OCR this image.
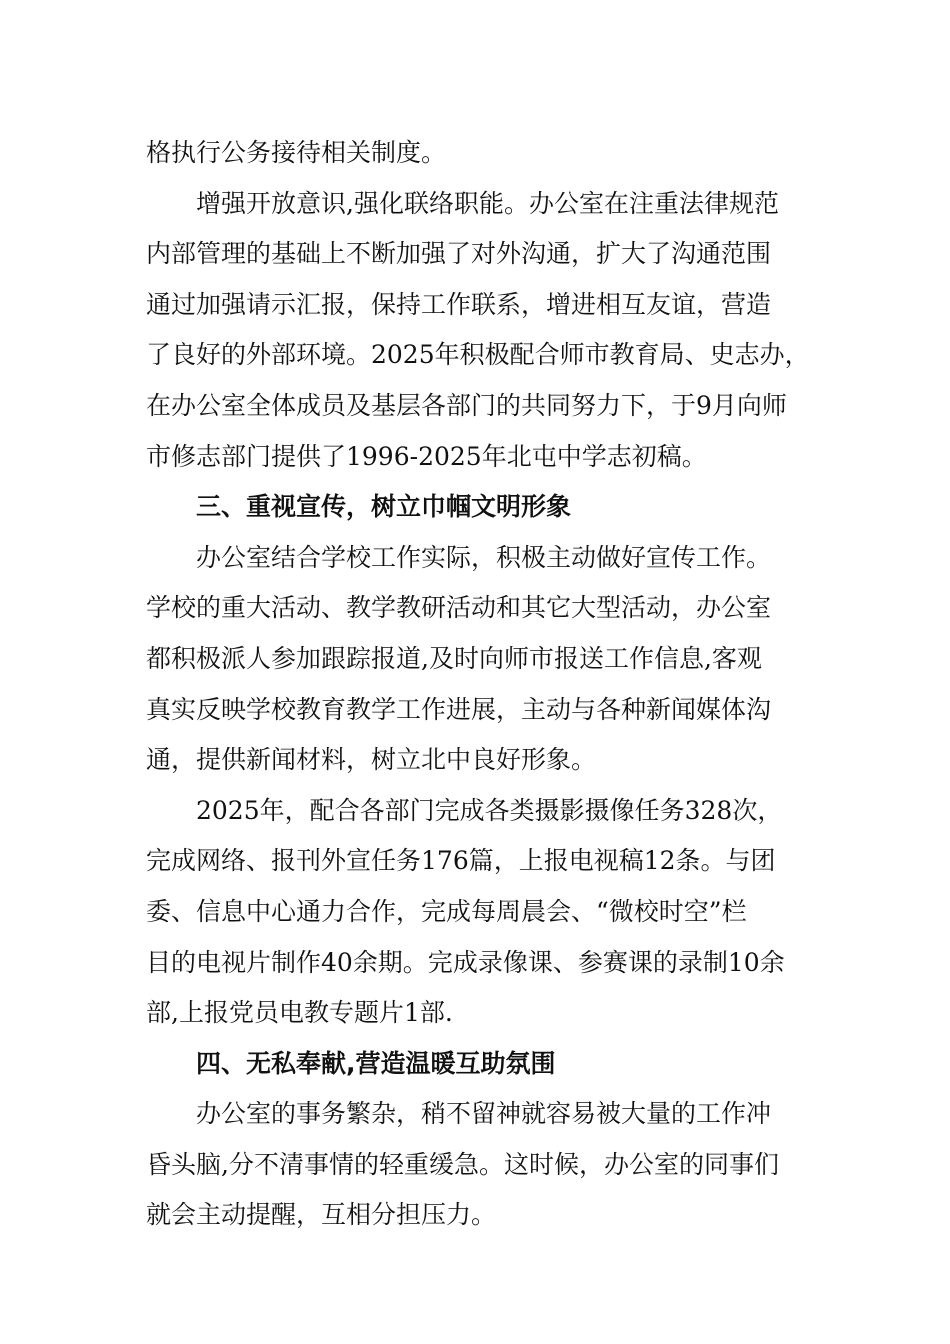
格执行公务接待相关制度。
增强开放意识,强化联络职能。办公室在注重法律规范
内部管理的基础上不断加强了对外沟通，扩大了沟通范围
通过加强请示汇报，保持工作联系，增进相互友谊，营造
了良好的外部环境。2025年积极配合师市教育局、史志办，
在办公室全体成员及基层各部门的共同努力下，于9月向师
市修志部门提供了1996-2025年北屯中学志初稿。
三、重视宣传，树立巾帼文明形象
办公室结合学校工作实际，积极主动做好宣传工作。
学校的重大活动、教学教研活动和其它大型活动，办公室
都积极派人参加跟踪报道,及时向师市报送工作信息,客观
真实反映学校教育教学工作进展，主动与各种新闻媒体沟
通，提供新闻材料，树立北中良好形象。
2025年，配合各部门完成各类摄影摄像任务328次，
完成网络、报刊外宣任务176篇，上报电视稿12条。与团
委、信息中心通力合作，完成每周晨会、“微校时空”栏
目的电视片制作40余期。完成录像课、参赛课的录制10余
部,上报党员电教专题片1部.
四、无私奉献,营造温暖互助氛围
办公室的事务繁杂，稍不留神就容易被大量的工作冲
昏头脑,分不清事情的轻重缓急。这时候，办公室的同事们
就会主动提醒，互相分担压力。
